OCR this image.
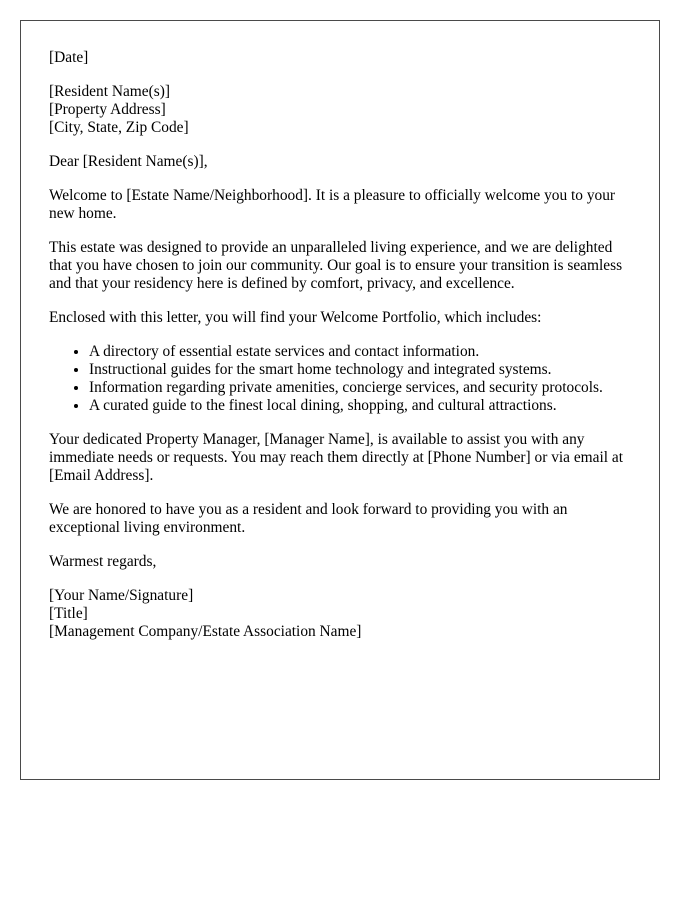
[Date]
[Resident Name(s)]
[Property Address]
[City, State, Zip Code]

Dear [Resident Name(s)],

Welcome to [Estate Name/Neighborhood]. It is a pleasure to officially welcome you to your new home.

This estate was designed to provide an unparalleled living experience, and we are delighted that you have chosen to join our community. Our goal is to ensure your transition is seamless and that your residency here is defined by comfort, privacy, and excellence.

Enclosed with this letter, you will find your Welcome Portfolio, which includes:

• A directory of essential estate services and contact information.
• Instructional guides for the smart home technology and integrated systems.
• Information regarding private amenities, concierge services, and security protocols.
• A curated guide to the finest local dining, shopping, and cultural attractions.

Your dedicated Property Manager, [Manager Name], is available to assist you with any immediate needs or requests. You may reach them directly at [Phone Number] or via email at [Email Address].

We are honored to have you as a resident and look forward to providing you with an exceptional living environment.

Warmest regards,

[Your Name/Signature]
[Title]
[Management Company/Estate Association Name]
